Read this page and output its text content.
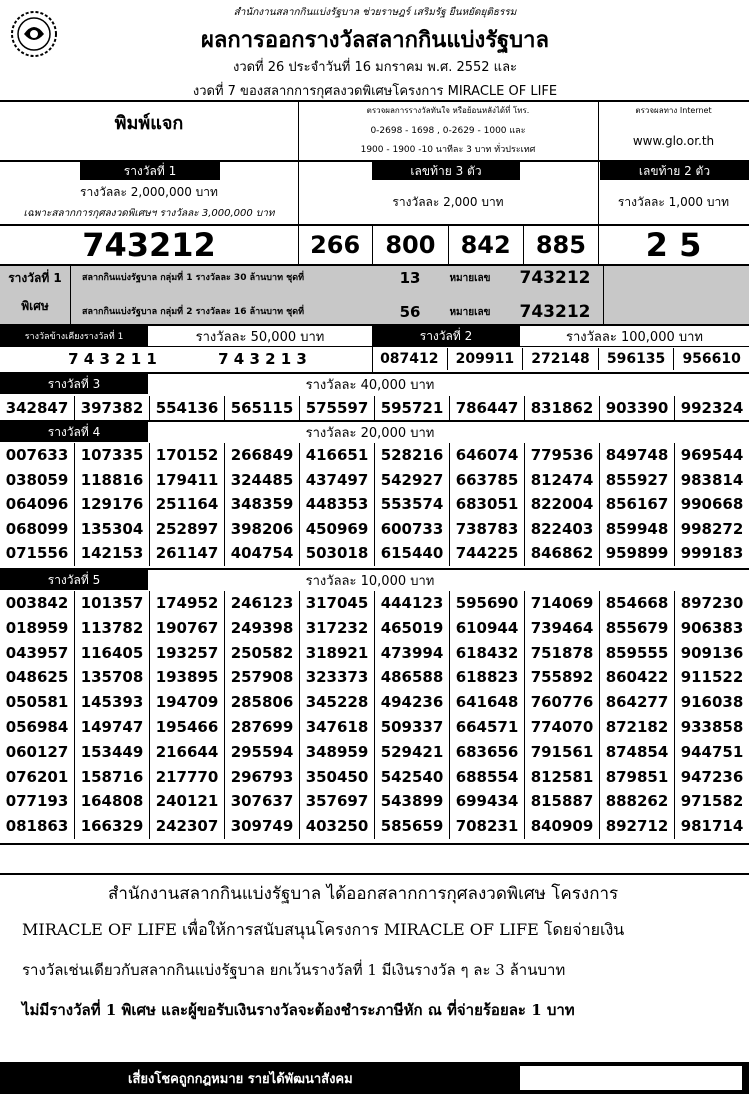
สำนักงานสลากกินแบ่งรัฐบาล ช่วยราษฎร์ เสริมรัฐ ยืนหยัดยุติธรรม
ผลการออกรางวัลสลากกินแบ่งรัฐบาล
งวดที่ 26 ประจำวันที่ 16 มกราคม พ.ศ. 2552 และ
งวดที่ 7 ของสลากการกุศลงวดพิเศษโครงการ MIRACLE OF LIFE
พิมพ์แจก
ตรวจผลการรางวัลทันใจ หรือย้อนหลังได้ที่ โทร.
0-2698 - 1698 , 0-2629 - 1000 และ
1900 - 1900 -10 นาทีละ 3 บาท ทั่วประเทศ
ตรวจผลทาง Internet
www.glo.or.th
รางวัลที่ 1	เลขท้าย 3 ตัว	เลขท้าย 2 ตัว
รางวัลละ 2,000,000 บาท
เฉพาะสลากการกุศลงวดพิเศษฯ รางวัลละ 3,000,000 บาท
รางวัลละ 2,000 บาท	รางวัลละ 1,000 บาท
743212	266	800	842	885	2 5
รางวัลที่ 1
พิเศษ
สลากกินแบ่งรัฐบาล กลุ่มที่ 1 รางวัลละ 30 ล้านบาท ชุดที่	13	หมายเลข	743212
สลากกินแบ่งรัฐบาล กลุ่มที่ 2 รางวัลละ 16 ล้านบาท ชุดที่	56	หมายเลข	743212
รางวัลข้างเคียงรางวัลที่ 1	รางวัลละ 50,000 บาท	รางวัลที่ 2	รางวัลละ 100,000 บาท
7 4 3 2 1 1	7 4 3 2 1 3	087412	209911	272148	596135	956610
รางวัลที่ 3	รางวัลละ 40,000 บาท
342847 397382 554136 565115 575597 595721 786447 831862 903390 992324
รางวัลที่ 4	รางวัลละ 20,000 บาท
007633 107335 170152 266849 416651 528216 646074 779536 849748 969544
038059 118816 179411 324485 437497 542927 663785 812474 855927 983814
064096 129176 251164 348359 448353 553574 683051 822004 856167 990668
068099 135304 252897 398206 450969 600733 738783 822403 859948 998272
071556 142153 261147 404754 503018 615440 744225 846862 959899 999183
รางวัลที่ 5	รางวัลละ 10,000 บาท
003842 101357 174952 246123 317045 444123 595690 714069 854668 897230
018959 113782 190767 249398 317232 465019 610944 739464 855679 906383
043957 116405 193257 250582 318921 473994 618432 751878 859555 909136
048625 135708 193895 257908 323373 486588 618823 755892 860422 911522
050581 145393 194709 285806 345228 494236 641648 760776 864277 916038
056984 149747 195466 287699 347618 509337 664571 774070 872182 933858
060127 153449 216644 295594 348959 529421 683656 791561 874854 944751
076201 158716 217770 296793 350450 542540 688554 812581 879851 947236
077193 164808 240121 307637 357697 543899 699434 815887 888262 971582
081863 166329 242307 309749 403250 585659 708231 840909 892712 981714
สำนักงานสลากกินแบ่งรัฐบาล ได้ออกสลากการกุศลงวดพิเศษ โครงการ
MIRACLE OF LIFE เพื่อให้การสนับสนุนโครงการ MIRACLE OF LIFE โดยจ่ายเงิน
รางวัลเช่นเดียวกับสลากกินแบ่งรัฐบาล ยกเว้นรางวัลที่ 1 มีเงินรางวัล ๆ ละ 3 ล้านบาท
ไม่มีรางวัลที่ 1 พิเศษ และผู้ขอรับเงินรางวัลจะต้องชำระภาษีหัก ณ ที่จ่ายร้อยละ 1 บาท
เสี่ยงโชคถูกกฎหมาย รายได้พัฒนาสังคม
